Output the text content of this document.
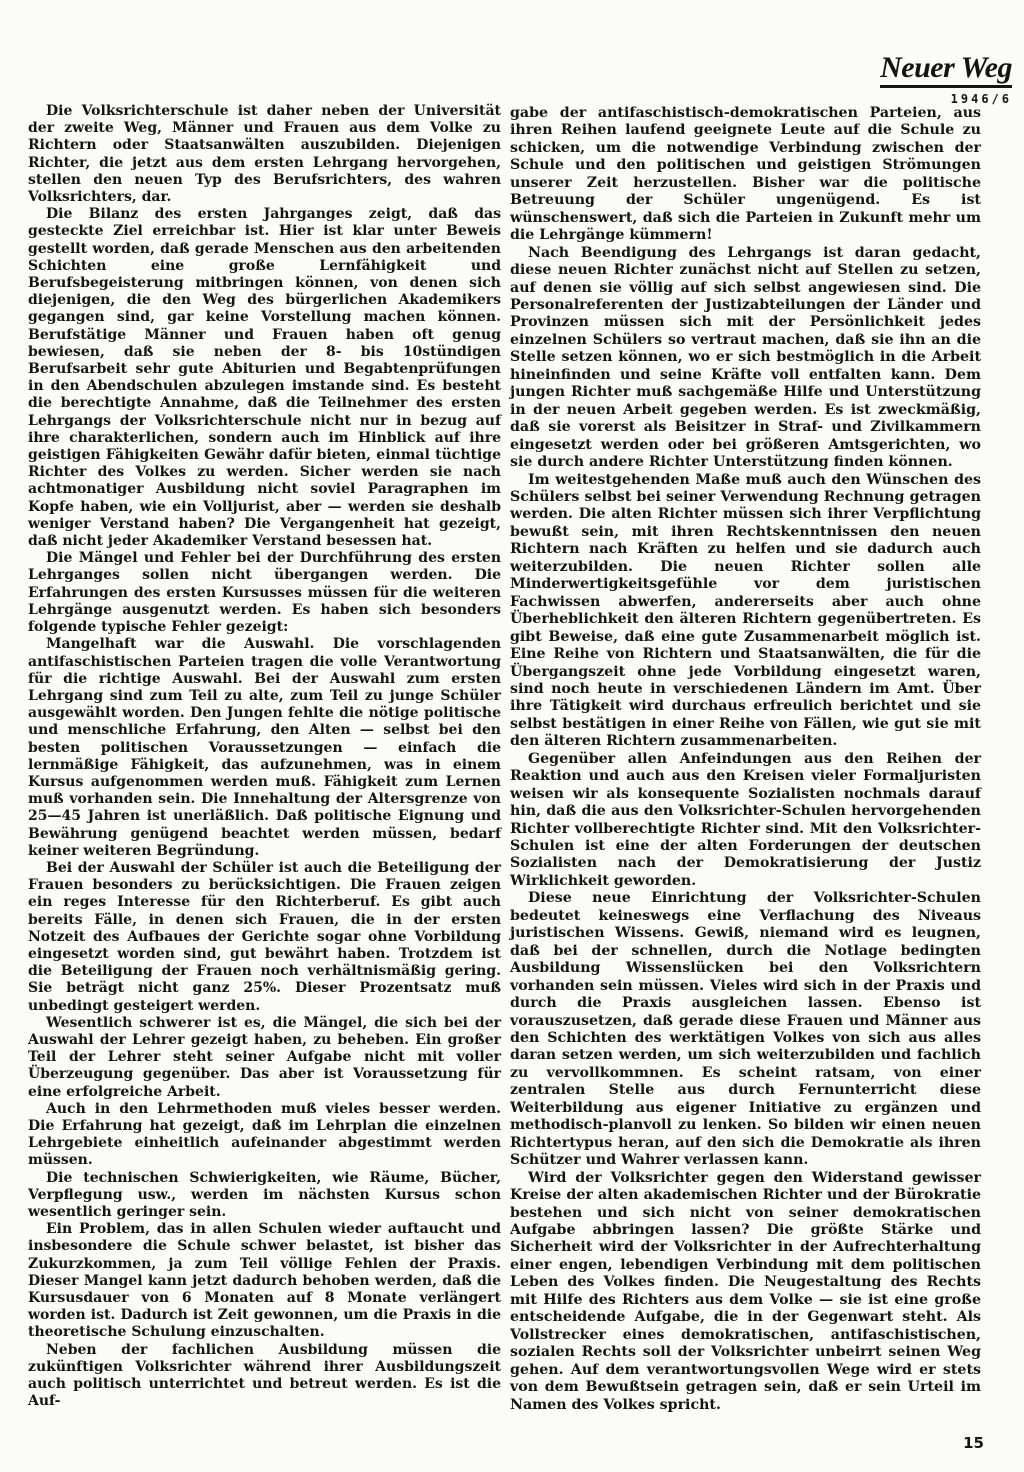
Neuer Weg
1946/6

Die Volksrichterschule ist daher neben der Universität der zweite Weg, Männer und Frauen aus dem Volke zu Richtern oder Staatsanwälten auszubilden. Diejenigen Richter, die jetzt aus dem ersten Lehrgang hervorgehen, stellen den neuen Typ des Berufsrichters, des wahren Volksrichters, dar.

Die Bilanz des ersten Jahrganges zeigt, daß das gesteckte Ziel erreichbar ist. Hier ist klar unter Beweis gestellt worden, daß gerade Menschen aus den arbeitenden Schichten eine große Lernfähigkeit und Berufsbegeisterung mitbringen können, von denen sich diejenigen, die den Weg des bürgerlichen Akademikers gegangen sind, gar keine Vorstellung machen können. Berufstätige Männer und Frauen haben oft genug bewiesen, daß sie neben der 8- bis 10stündigen Berufsarbeit sehr gute Abiturien und Begabtenprüfungen in den Abendschulen abzulegen imstande sind. Es besteht die berechtigte Annahme, daß die Teilnehmer des ersten Lehrgangs der Volksrichterschule nicht nur in bezug auf ihre charakterlichen, sondern auch im Hinblick auf ihre geistigen Fähigkeiten Gewähr dafür bieten, einmal tüchtige Richter des Volkes zu werden. Sicher werden sie nach achtmonatiger Ausbildung nicht soviel Paragraphen im Kopfe haben, wie ein Volljurist, aber — werden sie deshalb weniger Verstand haben? Die Vergangenheit hat gezeigt, daß nicht jeder Akademiker Verstand besessen hat.

Die Mängel und Fehler bei der Durchführung des ersten Lehrganges sollen nicht übergangen werden. Die Erfahrungen des ersten Kursusses müssen für die weiteren Lehrgänge ausgenutzt werden. Es haben sich besonders folgende typische Fehler gezeigt:

Mangelhaft war die Auswahl. Die vorschlagenden antifaschistischen Parteien tragen die volle Verantwortung für die richtige Auswahl. Bei der Auswahl zum ersten Lehrgang sind zum Teil zu alte, zum Teil zu junge Schüler ausgewählt worden. Den Jungen fehlte die nötige politische und menschliche Erfahrung, den Alten — selbst bei den besten politischen Voraussetzungen — einfach die lernmäßige Fähigkeit, das aufzunehmen, was in einem Kursus aufgenommen werden muß. Fähigkeit zum Lernen muß vorhanden sein. Die Innehaltung der Altersgrenze von 25—45 Jahren ist unerläßlich. Daß politische Eignung und Bewährung genügend beachtet werden müssen, bedarf keiner weiteren Begründung.

Bei der Auswahl der Schüler ist auch die Beteiligung der Frauen besonders zu berücksichtigen. Die Frauen zeigen ein reges Interesse für den Richterberuf. Es gibt auch bereits Fälle, in denen sich Frauen, die in der ersten Notzeit des Aufbaues der Gerichte sogar ohne Vorbildung eingesetzt worden sind, gut bewährt haben. Trotzdem ist die Beteiligung der Frauen noch verhältnismäßig gering. Sie beträgt nicht ganz 25%. Dieser Prozentsatz muß unbedingt gesteigert werden.

Wesentlich schwerer ist es, die Mängel, die sich bei der Auswahl der Lehrer gezeigt haben, zu beheben. Ein großer Teil der Lehrer steht seiner Aufgabe nicht mit voller Überzeugung gegenüber. Das aber ist Voraussetzung für eine erfolgreiche Arbeit.

Auch in den Lehrmethoden muß vieles besser werden. Die Erfahrung hat gezeigt, daß im Lehrplan die einzelnen Lehrgebiete einheitlich aufeinander abgestimmt werden müssen.

Die technischen Schwierigkeiten, wie Räume, Bücher, Verpflegung usw., werden im nächsten Kursus schon wesentlich geringer sein.

Ein Problem, das in allen Schulen wieder auftaucht und insbesondere die Schule schwer belastet, ist bisher das Zukurzkommen, ja zum Teil völlige Fehlen der Praxis. Dieser Mangel kann jetzt dadurch behoben werden, daß die Kursusdauer von 6 Monaten auf 8 Monate verlängert worden ist. Dadurch ist Zeit gewonnen, um die Praxis in die theoretische Schulung einzuschalten.

Neben der fachlichen Ausbildung müssen die zukünftigen Volksrichter während ihrer Ausbildungszeit auch politisch unterrichtet und betreut werden. Es ist die Auf-

gabe der antifaschistisch-demokratischen Parteien, aus ihren Reihen laufend geeignete Leute auf die Schule zu schicken, um die notwendige Verbindung zwischen der Schule und den politischen und geistigen Strömungen unserer Zeit herzustellen. Bisher war die politische Betreuung der Schüler ungenügend. Es ist wünschenswert, daß sich die Parteien in Zukunft mehr um die Lehrgänge kümmern!

Nach Beendigung des Lehrgangs ist daran gedacht, diese neuen Richter zunächst nicht auf Stellen zu setzen, auf denen sie völlig auf sich selbst angewiesen sind. Die Personalreferenten der Justizabteilungen der Länder und Provinzen müssen sich mit der Persönlichkeit jedes einzelnen Schülers so vertraut machen, daß sie ihn an die Stelle setzen können, wo er sich bestmöglich in die Arbeit hineinfinden und seine Kräfte voll entfalten kann. Dem jungen Richter muß sachgemäße Hilfe und Unterstützung in der neuen Arbeit gegeben werden. Es ist zweckmäßig, daß sie vorerst als Beisitzer in Straf- und Zivilkammern eingesetzt werden oder bei größeren Amtsgerichten, wo sie durch andere Richter Unterstützung finden können.

Im weitestgehenden Maße muß auch den Wünschen des Schülers selbst bei seiner Verwendung Rechnung getragen werden. Die alten Richter müssen sich ihrer Verpflichtung bewußt sein, mit ihren Rechtskenntnissen den neuen Richtern nach Kräften zu helfen und sie dadurch auch weiterzubilden. Die neuen Richter sollen alle Minderwertigkeitsgefühle vor dem juristischen Fachwissen abwerfen, andererseits aber auch ohne Überheblichkeit den älteren Richtern gegenübertreten. Es gibt Beweise, daß eine gute Zusammenarbeit möglich ist. Eine Reihe von Richtern und Staatsanwälten, die für die Übergangszeit ohne jede Vorbildung eingesetzt waren, sind noch heute in verschiedenen Ländern im Amt. Über ihre Tätigkeit wird durchaus erfreulich berichtet und sie selbst bestätigen in einer Reihe von Fällen, wie gut sie mit den älteren Richtern zusammenarbeiten.

Gegenüber allen Anfeindungen aus den Reihen der Reaktion und auch aus den Kreisen vieler Formaljuristen weisen wir als konsequente Sozialisten nochmals darauf hin, daß die aus den Volksrichter-Schulen hervorgehenden Richter vollberechtigte Richter sind. Mit den Volksrichter-Schulen ist eine der alten Forderungen der deutschen Sozialisten nach der Demokratisierung der Justiz Wirklichkeit geworden.

Diese neue Einrichtung der Volksrichter-Schulen bedeutet keineswegs eine Verflachung des Niveaus juristischen Wissens. Gewiß, niemand wird es leugnen, daß bei der schnellen, durch die Notlage bedingten Ausbildung Wissenslücken bei den Volksrichtern vorhanden sein müssen. Vieles wird sich in der Praxis und durch die Praxis ausgleichen lassen. Ebenso ist vorauszusetzen, daß gerade diese Frauen und Männer aus den Schichten des werktätigen Volkes von sich aus alles daran setzen werden, um sich weiterzubilden und fachlich zu vervollkommnen. Es scheint ratsam, von einer zentralen Stelle aus durch Fernunterricht diese Weiterbildung aus eigener Initiative zu ergänzen und methodisch-planvoll zu lenken. So bilden wir einen neuen Richtertypus heran, auf den sich die Demokratie als ihren Schützer und Wahrer verlassen kann.

Wird der Volksrichter gegen den Widerstand gewisser Kreise der alten akademischen Richter und der Bürokratie bestehen und sich nicht von seiner demokratischen Aufgabe abbringen lassen? Die größte Stärke und Sicherheit wird der Volksrichter in der Aufrechterhaltung einer engen, lebendigen Verbindung mit dem politischen Leben des Volkes finden. Die Neugestaltung des Rechts mit Hilfe des Richters aus dem Volke — sie ist eine große entscheidende Aufgabe, die in der Gegenwart steht. Als Vollstrecker eines demokratischen, antifaschistischen, sozialen Rechts soll der Volksrichter unbeirrt seinen Weg gehen. Auf dem verantwortungsvollen Wege wird er stets von dem Bewußtsein getragen sein, daß er sein Urteil im Namen des Volkes spricht.

15
